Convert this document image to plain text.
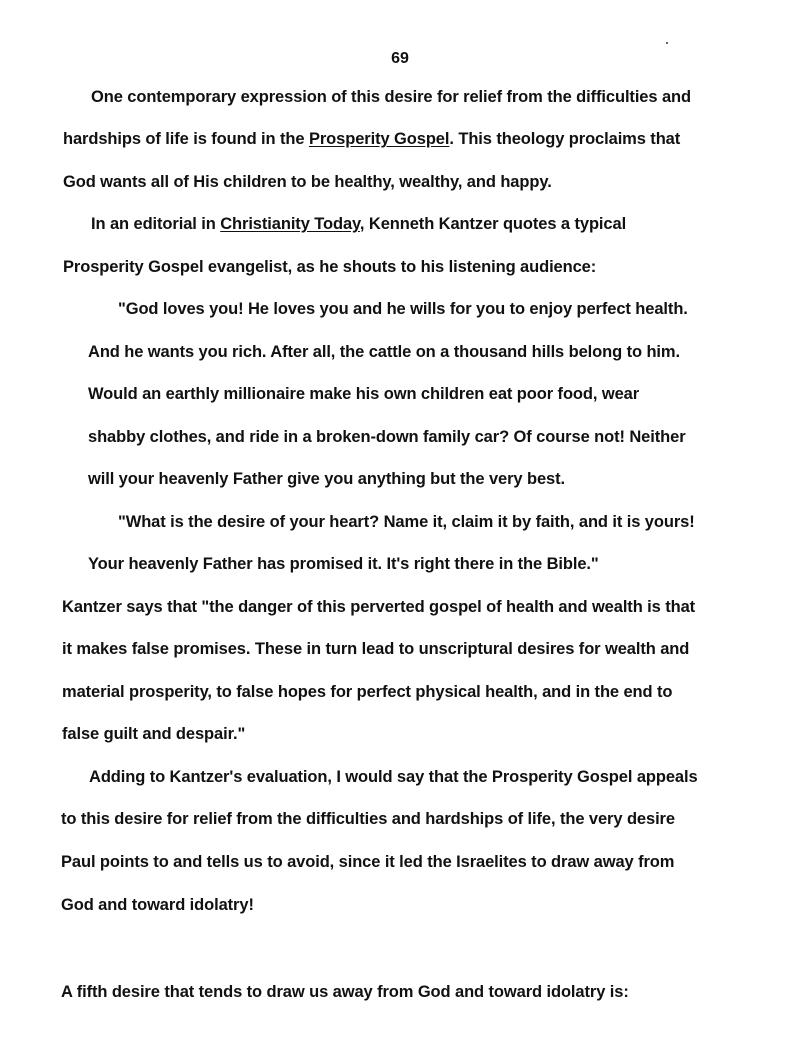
69
One contemporary expression of this desire for relief from the difficulties and
hardships of life is found in the Prosperity Gospel. This theology proclaims that
God wants all of His children to be healthy, wealthy, and happy.
In an editorial in Christianity Today, Kenneth Kantzer quotes a typical
Prosperity Gospel evangelist, as he shouts to his listening audience:
"God loves you! He loves you and he wills for you to enjoy perfect health.
And he wants you rich. After all, the cattle on a thousand hills belong to him.
Would an earthly millionaire make his own children eat poor food, wear
shabby clothes, and ride in a broken-down family car? Of course not! Neither
will your heavenly Father give you anything but the very best.
"What is the desire of your heart? Name it, claim it by faith, and it is yours!
Your heavenly Father has promised it. It's right there in the Bible."
Kantzer says that "the danger of this perverted gospel of health and wealth is that
it makes false promises. These in turn lead to unscriptural desires for wealth and
material prosperity, to false hopes for perfect physical health, and in the end to
false guilt and despair."
Adding to Kantzer's evaluation, I would say that the Prosperity Gospel appeals
to this desire for relief from the difficulties and hardships of life, the very desire
Paul points to and tells us to avoid, since it led the Israelites to draw away from
God and toward idolatry!
A fifth desire that tends to draw us away from God and toward idolatry is:
